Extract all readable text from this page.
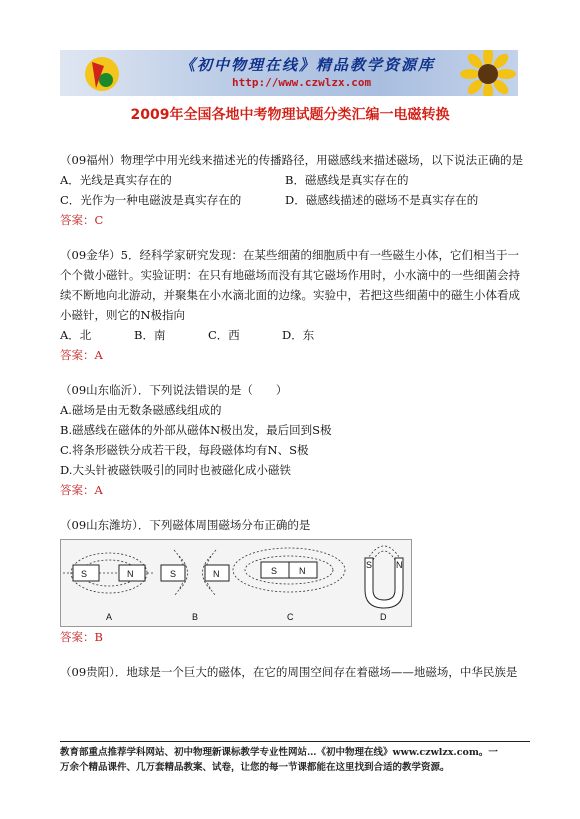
《初中物理在线》精品教学资源库
http://www.czwlzx.com
2009年全国各地中考物理试题分类汇编一电磁转换
（09福州）物理学中用光线来描述光的传播路径，用磁感线来描述磁场，以下说法正确的是
A．光线是真实存在的	B．磁感线是真实存在的
C．光作为一种电磁波是真实存在的	D．磁感线描述的磁场不是真实存在的
答案：C
（09金华）5．经科学家研究发现：在某些细菌的细胞质中有一些磁生小体，它们相当于一
个个微小磁针。实验证明：在只有地磁场而没有其它磁场作用时，小水滴中的一些细菌会持
续不断地向北游动，并聚集在小水滴北面的边缘。实验中，若把这些细菌中的磁生小体看成
小磁针，则它的N极指向
A．北	B．南	C．西	D．东
答案：A
（09山东临沂）．下列说法错误的是（　　）
A.磁场是由无数条磁感线组成的
B.磁感线在磁体的外部从磁体N极出发，最后回到S极
C.将条形磁铁分成若干段，每段磁体均有N、S极
D.大头针被磁铁吸引的同时也被磁化成小磁铁
答案：A
（09山东潍坊）．下列磁体周围磁场分布正确的是
S	N	S	N	S N
S	N
A	B	C	D
答案：B
（09贵阳）．地球是一个巨大的磁体，在它的周围空间存在着磁场——地磁场，中华民族是
教育部重点推荐学科网站、初中物理新课标教学专业性网站…《初中物理在线》www.czwlzx.com。一
万余个精品课件、几万套精品教案、试卷，让您的每一节课都能在这里找到合适的教学资源。
